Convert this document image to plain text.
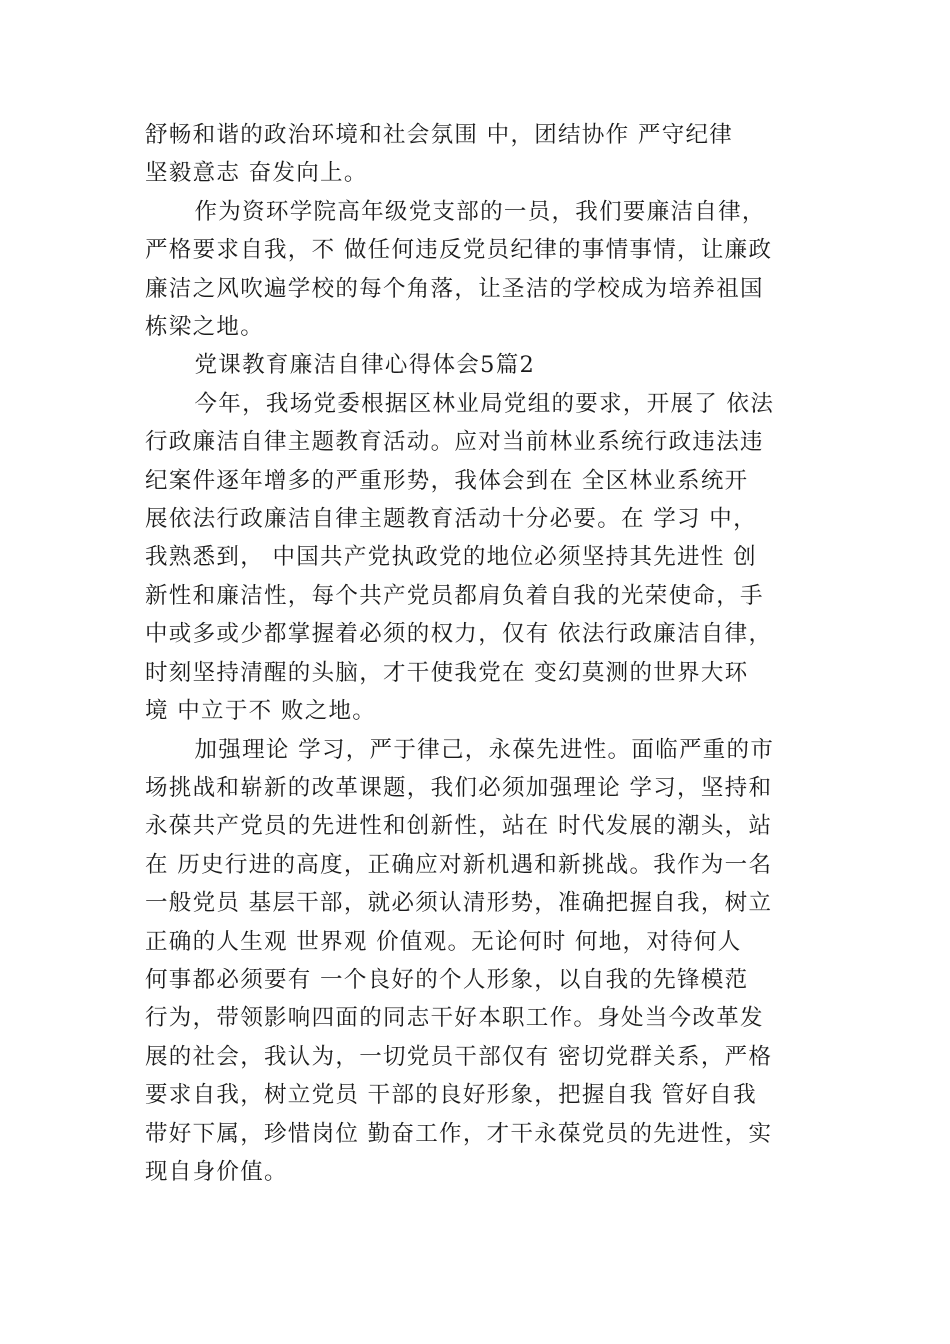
舒畅和谐的政治环境和社会氛围 中，团结协作 严守纪律
坚毅意志 奋发向上。
作为资环学院高年级党支部的一员，我们要廉洁自律，
严格要求自我，不 做任何违反党员纪律的事情事情，让廉政
廉洁之风吹遍学校的每个角落，让圣洁的学校成为培养祖国
栋梁之地。
党课教育廉洁自律心得体会5篇2
今年，我场党委根据区林业局党组的要求，开展了 依法
行政廉洁自律主题教育活动。应对当前林业系统行政违法违
纪案件逐年增多的严重形势，我体会到在 全区林业系统开
展依法行政廉洁自律主题教育活动十分必要。在 学习 中，
我熟悉到， 中国共产党执政党的地位必须坚持其先进性 创
新性和廉洁性，每个共产党员都肩负着自我的光荣使命，手
中或多或少都掌握着必须的权力，仅有 依法行政廉洁自律，
时刻坚持清醒的头脑，才干使我党在 变幻莫测的世界大环
境 中立于不 败之地。
加强理论 学习，严于律己，永葆先进性。面临严重的市
场挑战和崭新的改革课题，我们必须加强理论 学习，坚持和
永葆共产党员的先进性和创新性，站在 时代发展的潮头，站
在 历史行进的高度，正确应对新机遇和新挑战。我作为一名
一般党员 基层干部，就必须认清形势，准确把握自我，树立
正确的人生观 世界观 价值观。无论何时 何地，对待何人
何事都必须要有 一个良好的个人形象，以自我的先锋模范
行为，带领影响四面的同志干好本职工作。身处当今改革发
展的社会，我认为，一切党员干部仅有 密切党群关系，严格
要求自我，树立党员 干部的良好形象，把握自我 管好自我
带好下属，珍惜岗位 勤奋工作，才干永葆党员的先进性，实
现自身价值。
